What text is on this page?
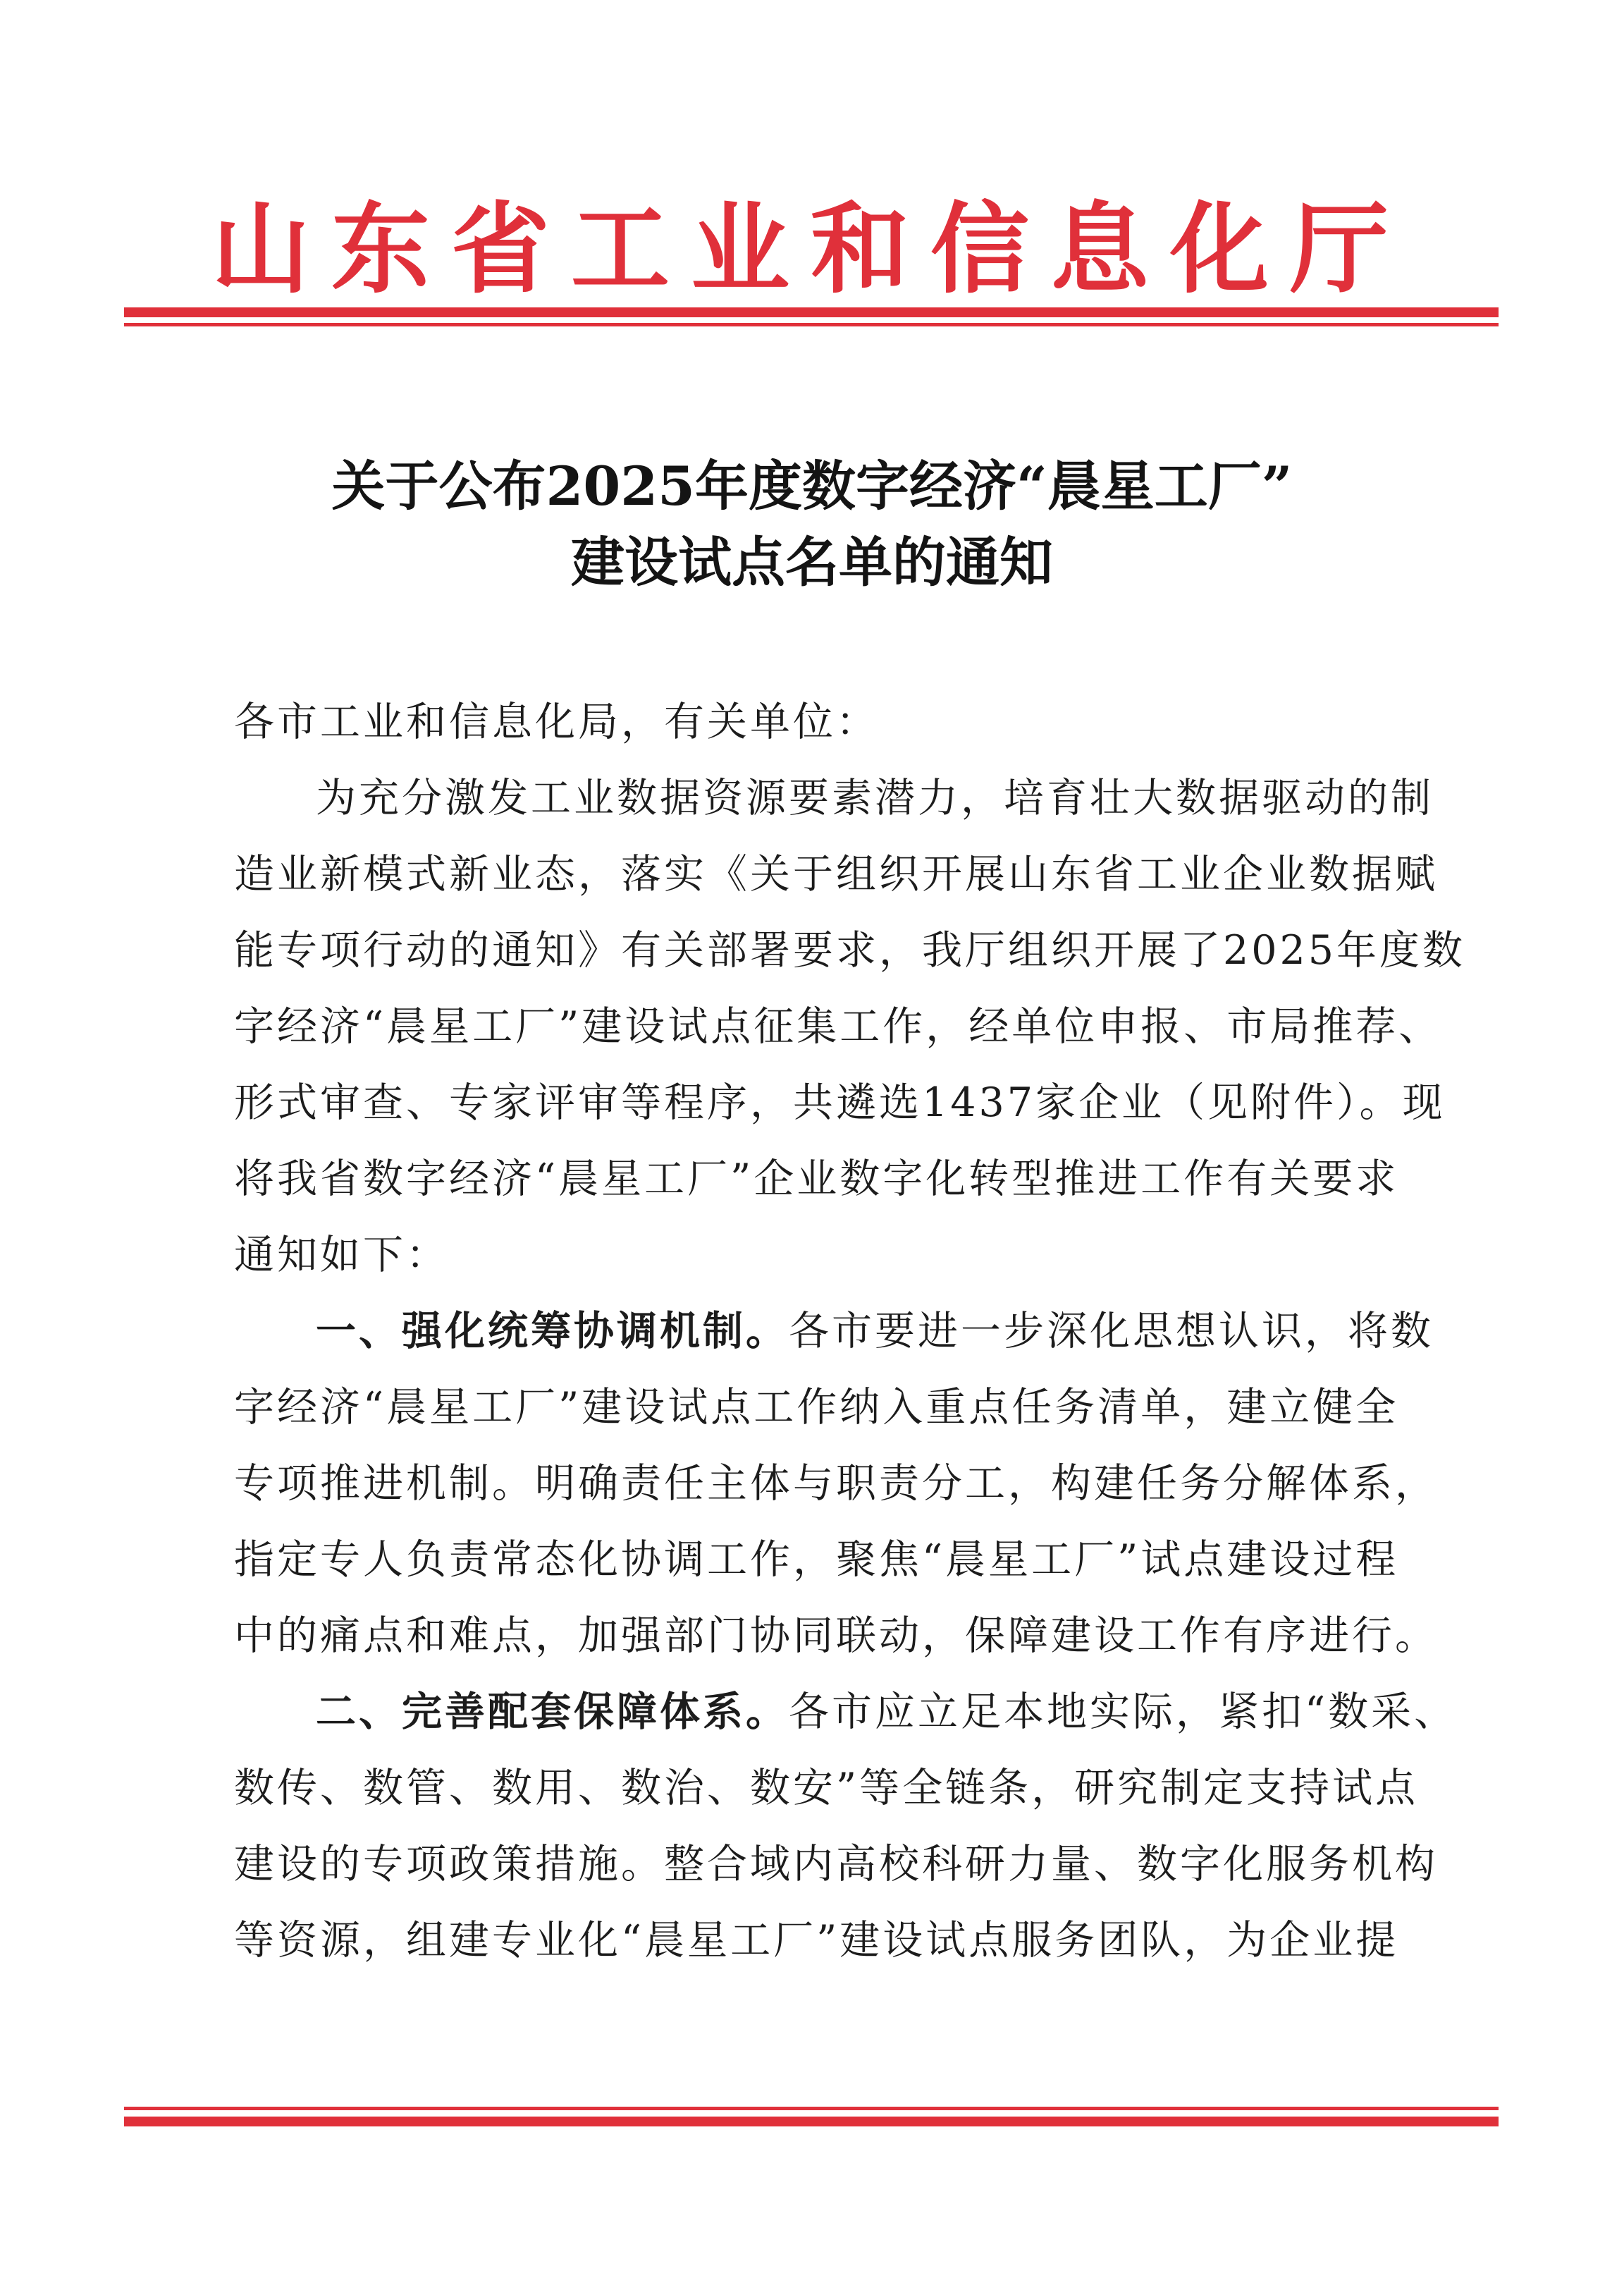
山东省工业和信息化厅
关于公布2025年度数字经济“晨星工厂”
建设试点名单的通知
各市工业和信息化局，有关单位：
为充分激发工业数据资源要素潜力，培育壮大数据驱动的制
造业新模式新业态，落实《关于组织开展山东省工业企业数据赋
能专项行动的通知》有关部署要求，我厅组织开展了2025年度数
字经济“晨星工厂”建设试点征集工作，经单位申报、市局推荐、
形式审查、专家评审等程序，共遴选1437家企业（见附件）。现
将我省数字经济“晨星工厂”企业数字化转型推进工作有关要求
通知如下：
一、强化统筹协调机制。各市要进一步深化思想认识，将数
字经济“晨星工厂”建设试点工作纳入重点任务清单，建立健全
专项推进机制。明确责任主体与职责分工，构建任务分解体系，
指定专人负责常态化协调工作，聚焦“晨星工厂”试点建设过程
中的痛点和难点，加强部门协同联动，保障建设工作有序进行。
二、完善配套保障体系。各市应立足本地实际，紧扣“数采、
数传、数管、数用、数治、数安”等全链条，研究制定支持试点
建设的专项政策措施。整合域内高校科研力量、数字化服务机构
等资源，组建专业化“晨星工厂”建设试点服务团队，为企业提
